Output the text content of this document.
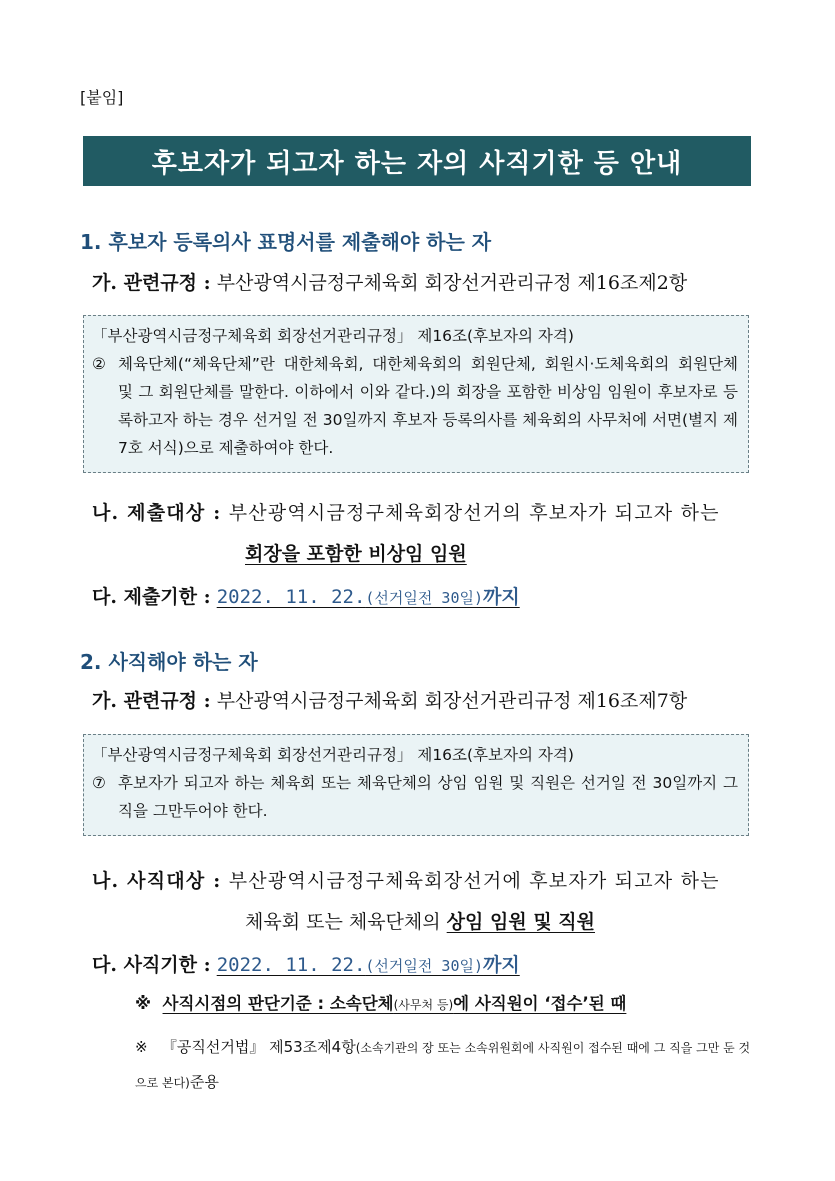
[붙임]
후보자가 되고자 하는 자의 사직기한 등 안내
1. 후보자 등록의사 표명서를 제출해야 하는 자
가. 관련규정 : 부산광역시금정구체육회 회장선거관리규정 제16조제2항
「부산광역시금정구체육회 회장선거관리규정」 제16조(후보자의 자격)
② 체육단체(“체육단체”란 대한체육회, 대한체육회의 회원단체, 회원시·도체육회의 회원단체 및 그 회원단체를 말한다. 이하에서 이와 같다.)의 회장을 포함한 비상임 임원이 후보자로 등록하고자 하는 경우 선거일 전 30일까지 후보자 등록의사를 체육회의 사무처에 서면(별지 제7호 서식)으로 제출하여야 한다.
나. 제출대상 : 부산광역시금정구체육회장선거의 후보자가 되고자 하는
회장을 포함한 비상임 임원
다. 제출기한 : 2022. 11. 22.(선거일전 30일)까지
2. 사직해야 하는 자
가. 관련규정 : 부산광역시금정구체육회 회장선거관리규정 제16조제7항
「부산광역시금정구체육회 회장선거관리규정」 제16조(후보자의 자격)
⑦ 후보자가 되고자 하는 체육회 또는 체육단체의 상임 임원 및 직원은 선거일 전 30일까지 그 직을 그만두어야 한다.
나. 사직대상 : 부산광역시금정구체육회장선거에 후보자가 되고자 하는
체육회 또는 체육단체의 상임 임원 및 직원
다. 사직기한 : 2022. 11. 22.(선거일전 30일)까지
※ 사직시점의 판단기준 : 소속단체(사무처 등)에 사직원이 ‘접수’된 때
※ 『공직선거법』 제53조제4항(소속기관의 장 또는 소속위원회에 사직원이 접수된 때에 그 직을 그만 둔 것으로 본다)준용
